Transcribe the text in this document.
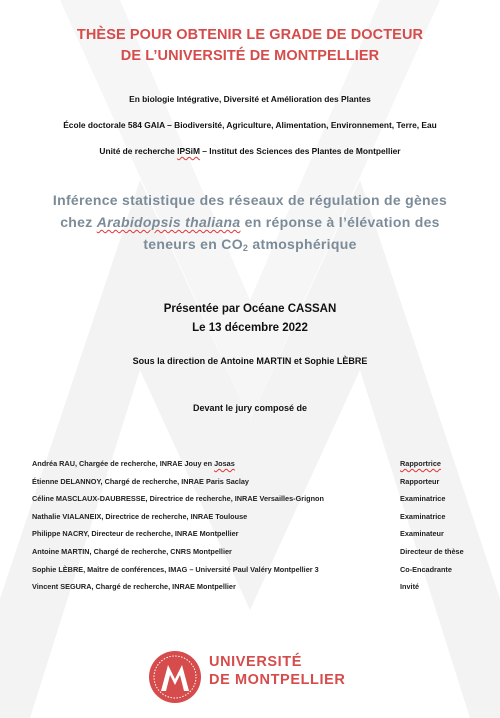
THÈSE POUR OBTENIR LE GRADE DE DOCTEUR
DE L’UNIVERSITÉ DE MONTPELLIER
En biologie Intégrative, Diversité et Amélioration des Plantes
École doctorale 584 GAIA – Biodiversité, Agriculture, Alimentation, Environnement, Terre, Eau
Unité de recherche IPSiM – Institut des Sciences des Plantes de Montpellier
Inférence statistique des réseaux de régulation de gènes
chez Arabidopsis thaliana en réponse à l’élévation des
teneurs en $CO_2$ atmosphérique
Présentée par Océane CASSAN
Le 13 décembre 2022
Sous la direction de Antoine MARTIN et Sophie LÈBRE
Devant le jury composé de
Andréa RAU, Chargée de recherche, INRAE Jouy en Josas	Rapportrice
Étienne DELANNOY, Chargé de recherche, INRAE Paris Saclay	Rapporteur
Céline MASCLAUX-DAUBRESSE, Directrice de recherche, INRAE Versailles-Grignon	Examinatrice
Nathalie VIALANEIX, Directrice de recherche, INRAE Toulouse	Examinatrice
Philippe NACRY, Directeur de recherche, INRAE Montpellier	Examinateur
Antoine MARTIN, Chargé de recherche, CNRS Montpellier	Directeur de thèse
Sophie LÈBRE, Maître de conférences, IMAG – Université Paul Valéry Montpellier 3	Co-Encadrante
Vincent SEGURA, Chargé de recherche, INRAE Montpellier	Invité
UNIVERSITÉ
DE MONTPELLIER
